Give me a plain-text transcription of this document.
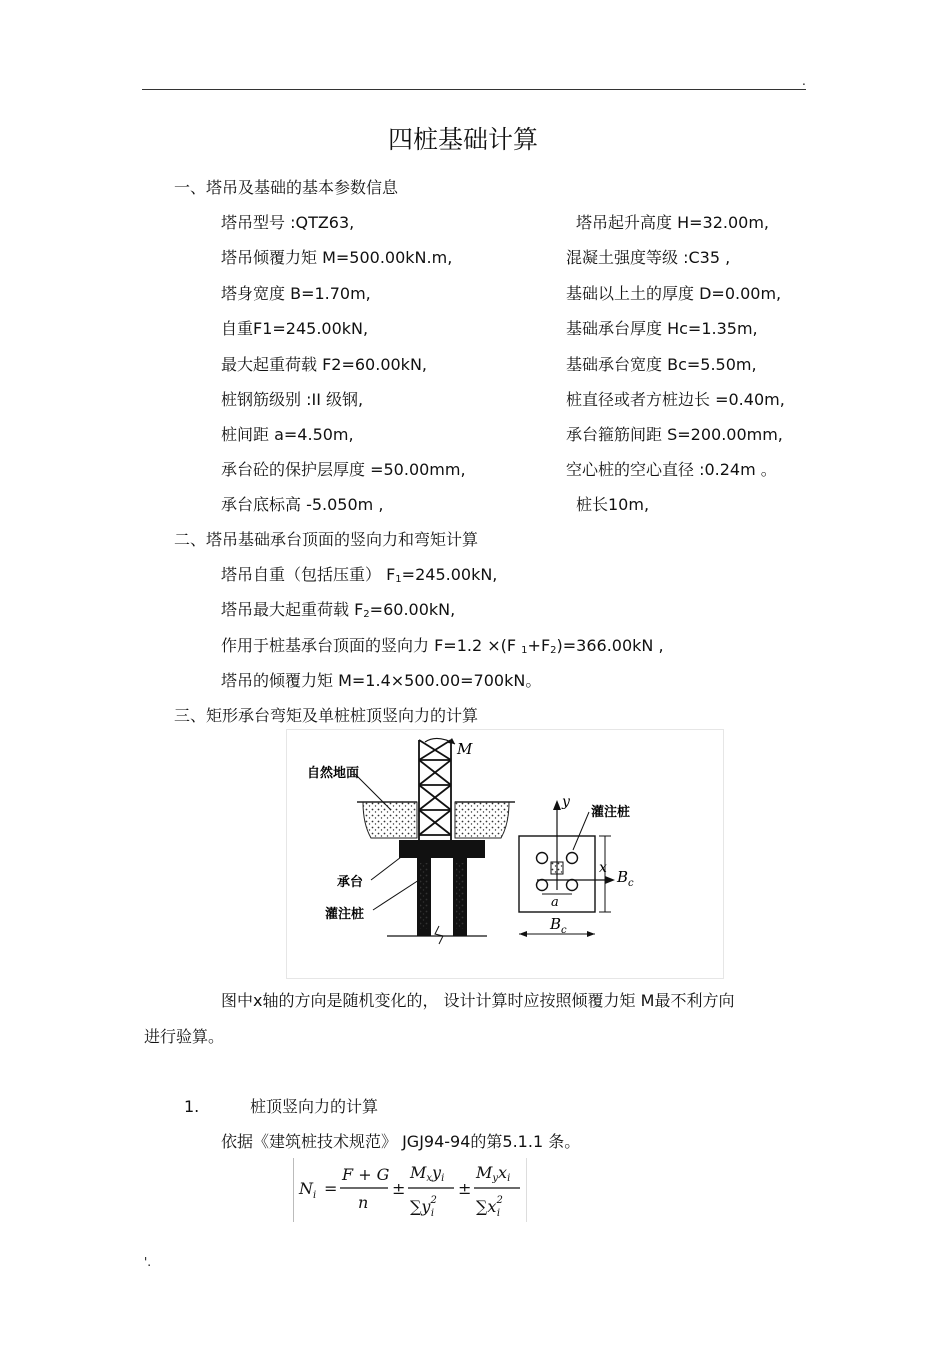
.
'.
四桩基础计算
一、塔吊及基础的基本参数信息
塔吊型号 :QTZ63,
塔吊倾覆力矩 M=500.00kN.m,
塔身宽度 B=1.70m,
自重F1=245.00kN,
最大起重荷载 F2=60.00kN,
桩钢筋级别 :II 级钢,
桩间距 a=4.50m,
承台砼的保护层厚度 =50.00mm,
承台底标高 -5.050m ,
塔吊起升高度 H=32.00m,
混凝土强度等级 :C35 ,
基础以上土的厚度 D=0.00m,
基础承台厚度 Hc=1.35m,
基础承台宽度 Bc=5.50m,
桩直径或者方桩边长 =0.40m,
承台箍筋间距 S=200.00mm,
空心桩的空心直径 :0.24m 。
桩长10m,
二、塔吊基础承台顶面的竖向力和弯矩计算
塔吊自重（包括压重） $F_1=245.00kN$,
塔吊最大起重荷载 $F_2=60.00kN$,
作用于桩基承台顶面的竖向力 F=1.2 ×(F $_1+F_2)=366.00kN$ ,
塔吊的倾覆力矩 M=1.4×500.00=700kN。
三、矩形承台弯矩及单桩桩顶竖向力的计算
M
自然地面
承台
灌注桩
y
x
a
灌注桩
$B_c$
$B_c$
图中x轴的方向是随机变化的， 设计计算时应按照倾覆力矩 M最不利方向
进行验算。
1.	桩顶竖向力的计算
依据《建筑桩技术规范》 JGJ94-94的第5.1.1 条。
$N_i$ =
F + G
n
±
Mxyi
$\sum y^2$ i
±
Myxi
$\sum x^2$ i
